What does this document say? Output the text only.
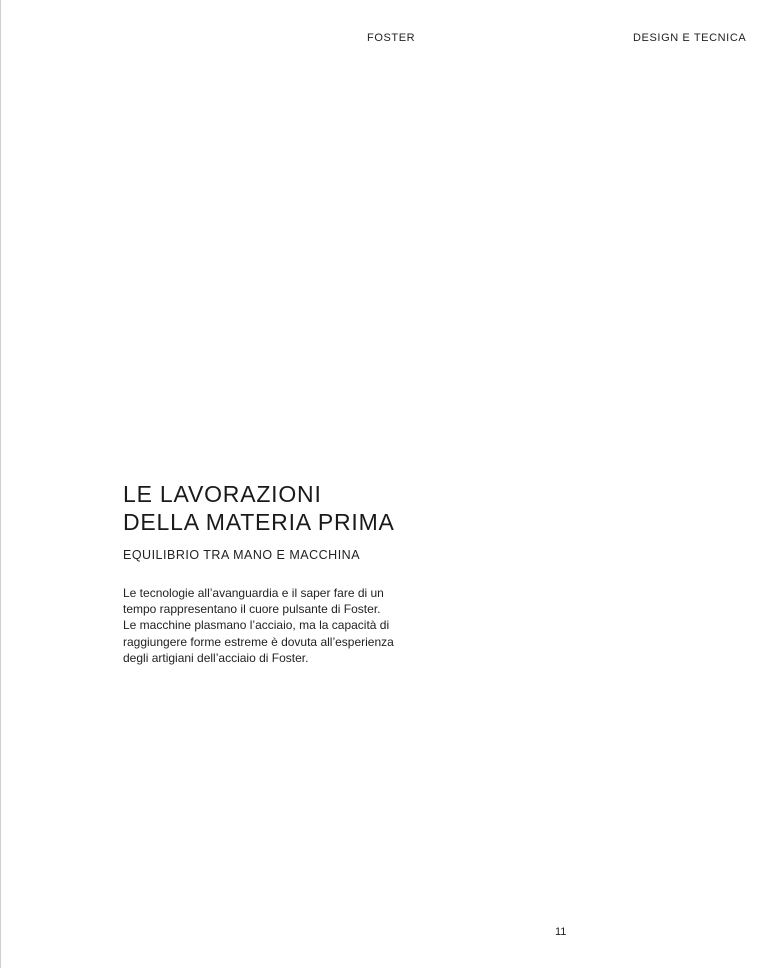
FOSTER	DESIGN E TECNICA
LE LAVORAZIONI
DELLA MATERIA PRIMA
EQUILIBRIO TRA MANO E MACCHINA

Le tecnologie all’avanguardia e il saper fare di un
tempo rappresentano il cuore pulsante di Foster.
Le macchine plasmano l’acciaio, ma la capacità di
raggiungere forme estreme è dovuta all’esperienza
degli artigiani dell’acciaio di Foster.

11
